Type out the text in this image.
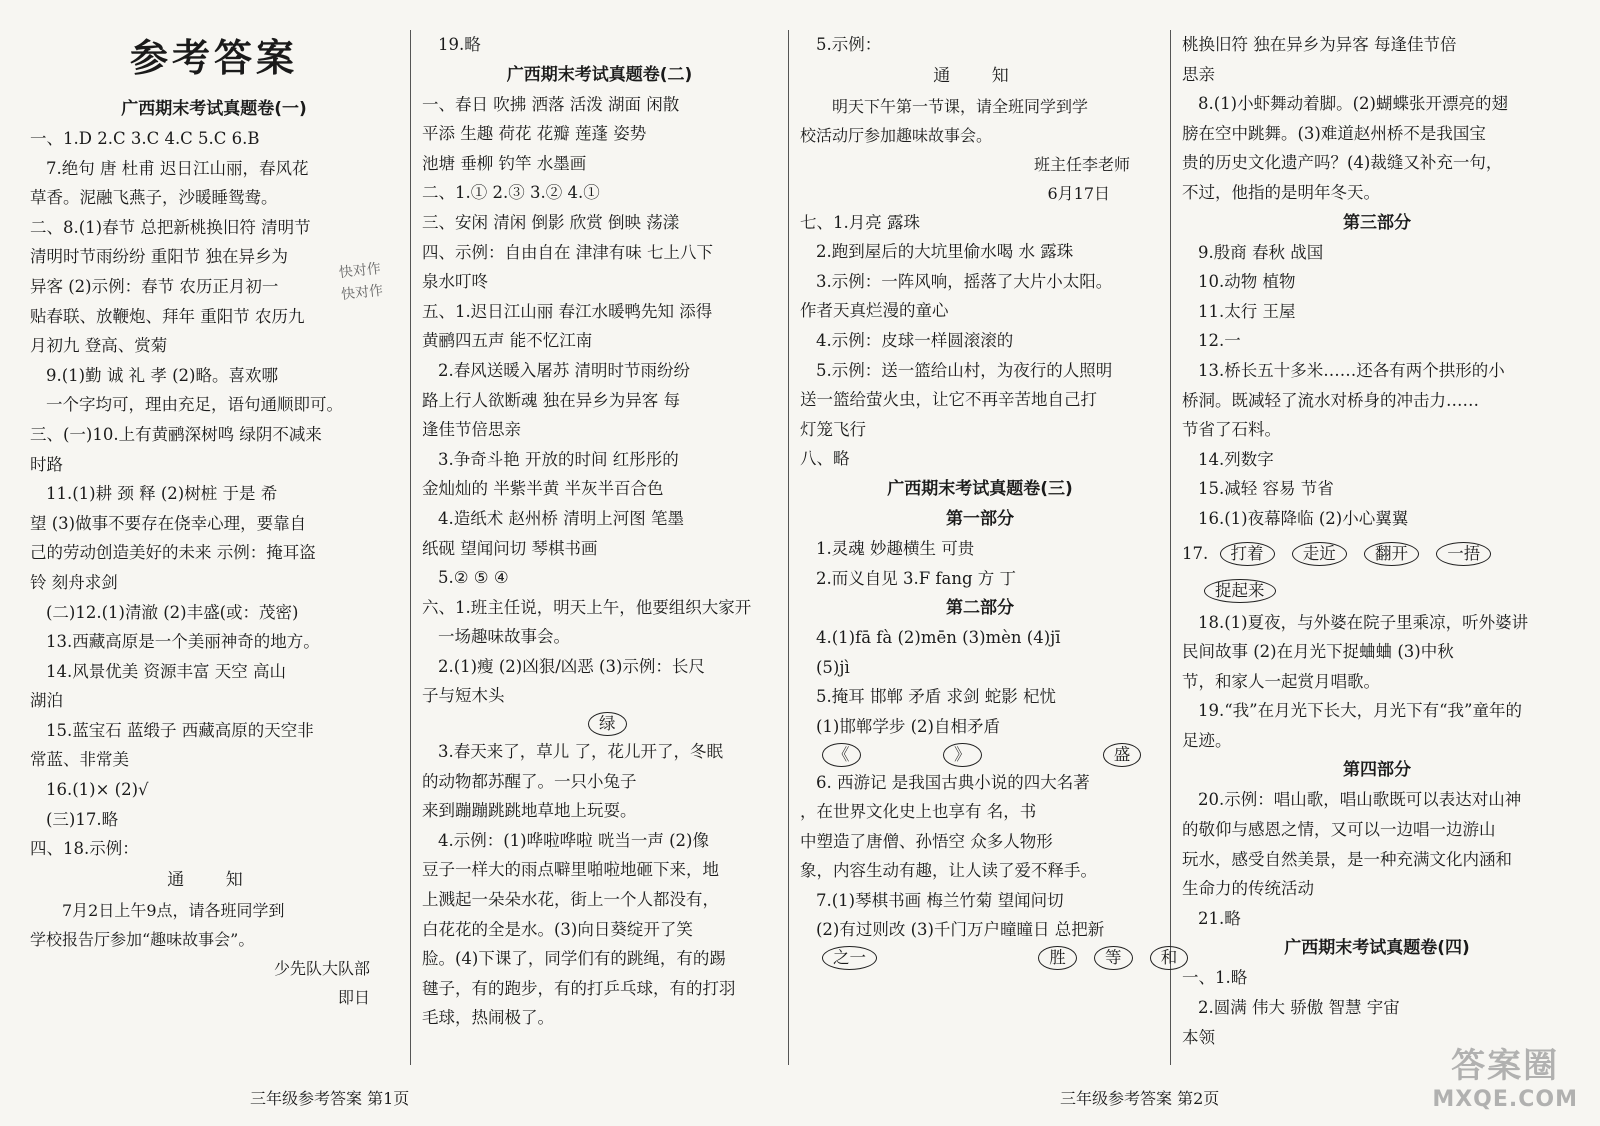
参考答案
广西期末考试真题卷(一)
一、1.D 2.C 3.C 4.C 5.C 6.B
7.绝句 唐 杜甫 迟日江山丽，春风花
草香。泥融飞燕子，沙暖睡鸳鸯。
二、8.(1)春节 总把新桃换旧符 清明节
清明时节雨纷纷 重阳节 独在异乡为
异客 (2)示例：春节 农历正月初一
贴春联、放鞭炮、拜年 重阳节 农历九
月初九 登高、赏菊
9.(1)勤 诚 礼 孝 (2)略。喜欢哪
一个字均可，理由充足，语句通顺即可。
三、(一)10.上有黄鹂深树鸣 绿阴不减来
时路
11.(1)耕 颈 释 (2)树桩 于是 希
望 (3)做事不要存在侥幸心理，要靠自
己的劳动创造美好的未来 示例：掩耳盗
铃 刻舟求剑
(二)12.(1)清澈 (2)丰盛(或：茂密)
13.西藏高原是一个美丽神奇的地方。
14.风景优美 资源丰富 天空 高山
湖泊
15.蓝宝石 蓝缎子 西藏高原的天空非
常蓝、非常美
16.(1)× (2)√
(三)17.略
四、18.示例：
通 知
7月2日上午9点，请各班同学到
学校报告厅参加“趣味故事会”。
少先队大队部
即日
快对作
快对作
19.略
广西期末考试真题卷(二)
一、春日 吹拂 洒落 活泼 湖面 闲散
平添 生趣 荷花 花瓣 莲蓬 姿势
池塘 垂柳 钓竿 水墨画
二、1.① 2.③ 3.② 4.①
三、安闲 清闲 倒影 欣赏 倒映 荡漾
四、示例：自由自在 津津有味 七上八下
泉水叮咚
五、1.迟日江山丽 春江水暖鸭先知 添得
黄鹂四五声 能不忆江南
2.春风送暖入屠苏 清明时节雨纷纷
路上行人欲断魂 独在异乡为异客 每
逢佳节倍思亲
3.争奇斗艳 开放的时间 红彤彤的
金灿灿的 半紫半黄 半灰半百合色
4.造纸术 赵州桥 清明上河图 笔墨
纸砚 望闻问切 琴棋书画
5.② ⑤ ④
六、1.班主任说，明天上午，他要组织大家开
一场趣味故事会。
2.(1)瘦 (2)凶狠/凶恶 (3)示例：长尺
子与短木头
绿
3.春天来了，草儿 了，花儿开了，冬眠
的动物都苏醒了。一只小兔子
来到蹦蹦跳跳地草地上玩耍。
4.示例：(1)哗啦哗啦 咣当一声 (2)像
豆子一样大的雨点噼里啪啦地砸下来，地
上溅起一朵朵水花，街上一个人都没有，
白花花的全是水。(3)向日葵绽开了笑
脸。(4)下课了，同学们有的跳绳，有的踢
毽子，有的跑步，有的打乒乓球，有的打羽
毛球，热闹极了。
5.示例：
通 知
明天下午第一节课，请全班同学到学
校活动厅参加趣味故事会。
班主任李老师
6月17日
七、1.月亮 露珠
2.跑到屋后的大坑里偷水喝 水 露珠
3.示例：一阵风响，摇落了大片小太阳。
作者天真烂漫的童心
4.示例：皮球一样圆滚滚的
5.示例：送一篮给山村，为夜行的人照明
送一篮给萤火虫，让它不再辛苦地自己打
灯笼飞行
八、略
广西期末考试真题卷(三)
第一部分
1.灵魂 妙趣横生 可贵
2.而义自见 3.F fang 方 丁
第二部分
4.(1)fā fà (2)mēn (3)mèn (4)jī
(5)jì
5.掩耳 邯郸 矛盾 求剑 蛇影 杞忧
(1)邯郸学步 (2)自相矛盾
《	》	盛
6. 西游记 是我国古典小说的四大名著
，在世界文化史上也享有 名，书
中塑造了唐僧、孙悟空 众多人物形
象，内容生动有趣，让人读了爱不释手。
7.(1)琴棋书画 梅兰竹菊 望闻问切
(2)有过则改 (3)千门万户曈曈日 总把新
之一	胜 等 和
桃换旧符 独在异乡为异客 每逢佳节倍
思亲
8.(1)小虾舞动着脚。(2)蝴蝶张开漂亮的翅
膀在空中跳舞。(3)难道赵州桥不是我国宝
贵的历史文化遗产吗？(4)裁缝又补充一句，
不过，他指的是明年冬天。
第三部分
9.殷商 春秋 战国
10.动物 植物
11.太行 王屋
12.一
13.桥长五十多米……还各有两个拱形的小
桥洞。既减轻了流水对桥身的冲击力……
节省了石料。
14.列数字
15.减轻 容易 节省
16.(1)夜幕降临 (2)小心翼翼
17. 打着 走近 翻开 一捂
捉起来
18.(1)夏夜，与外婆在院子里乘凉，听外婆讲
民间故事 (2)在月光下捉蛐蛐 (3)中秋
节，和家人一起赏月唱歌。
19.“我”在月光下长大，月光下有“我”童年的
足迹。
第四部分
20.示例：唱山歌，唱山歌既可以表达对山神
的敬仰与感恩之情，又可以一边唱一边游山
玩水，感受自然美景，是一种充满文化内涵和
生命力的传统活动
21.略
广西期末考试真题卷(四)
一、1.略
2.圆满 伟大 骄傲 智慧 宇宙
本领
三年级参考答案 第1页	三年级参考答案 第2页
答案圈
MXQE.COM
